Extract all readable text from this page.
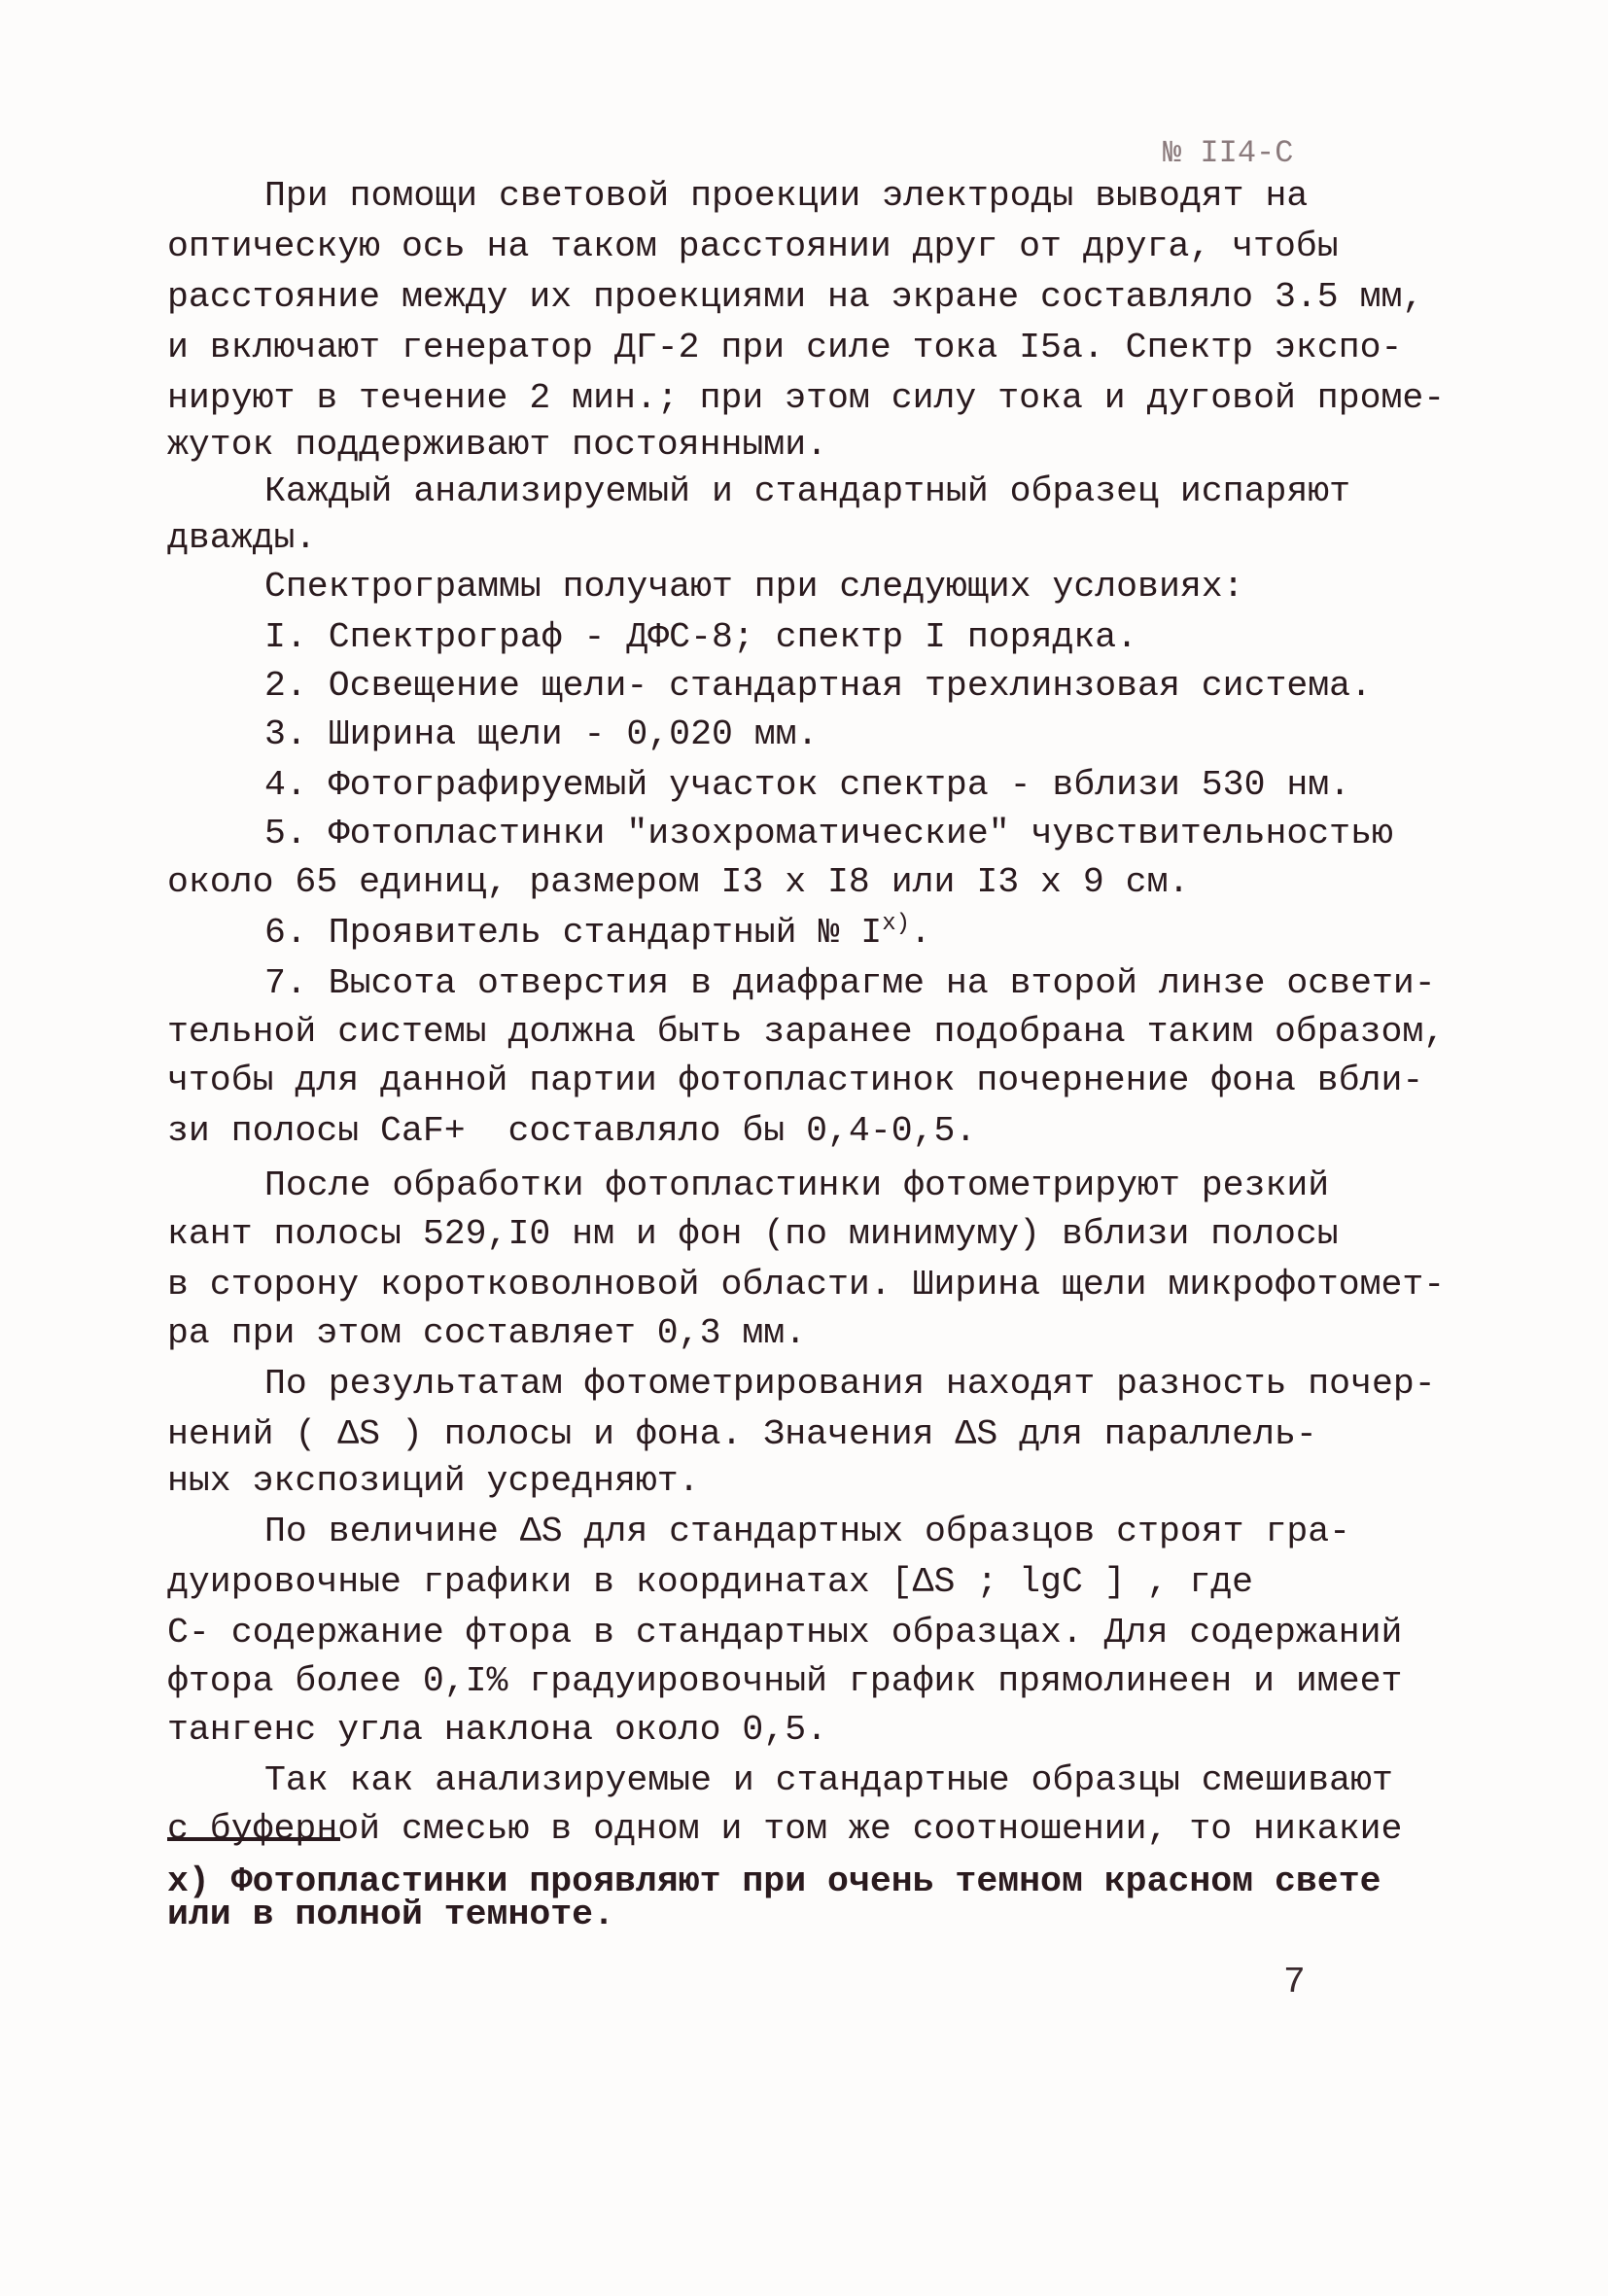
№ II4-C
При помощи световой проекции электроды выводят на
оптическую ось на таком расстоянии друг от друга, чтобы
расстояние между их проекциями на экране составляло 3.5 мм,
и включают генератор ДГ-2 при силе тока I5а. Спектр экспо-
нируют в течение 2 мин.; при этом силу тока и дуговой проме-
жуток поддерживают постоянными.
Каждый анализируемый и стандартный образец испаряют
дважды.
Спектрограммы получают при следующих условиях:
I. Спектрограф - ДФС-8; спектр I порядка.
2. Освещение щели- стандартная трехлинзовая система.
3. Ширина щели - 0,020 мм.
4. Фотографируемый участок спектра - вблизи 530 нм.
5. Фотопластинки "изохроматические" чувствительностью
около 65 единиц, размером I3 х I8 или I3 х 9 см.
6. Проявитель стандартный № $I^{x)}$.
7. Высота отверстия в диафрагме на второй линзе освети-
тельной системы должна быть заранее подобрана таким образом,
чтобы для данной партии фотопластинок почернение фона вбли-
зи полосы CaF+  составляло бы 0,4-0,5.
После обработки фотопластинки фотометрируют резкий
кант полосы 529,I0 нм и фон (по минимуму) вблизи полосы
в сторону коротковолновой области. Ширина щели микрофотомет-
ра при этом составляет 0,3 мм.
По результатам фотометрирования находят разность почер-
нений ( ΔS ) полосы и фона. Значения ΔS для параллель-
ных экспозиций усредняют.
По величине ΔS для стандартных образцов строят гра-
дуировочные графики в координатах [ΔS ; lgC ] , где
С- содержание фтора в стандартных образцах. Для содержаний
фтора более 0,I% градуировочный график прямолинеен и имеет
тангенс угла наклона около 0,5.
Так как анализируемые и стандартные образцы смешивают
с буферной смесью в одном и том же соотношении, то никакие
x) Фотопластинки проявляют при очень темном красном свете
или в полной темноте.
7
